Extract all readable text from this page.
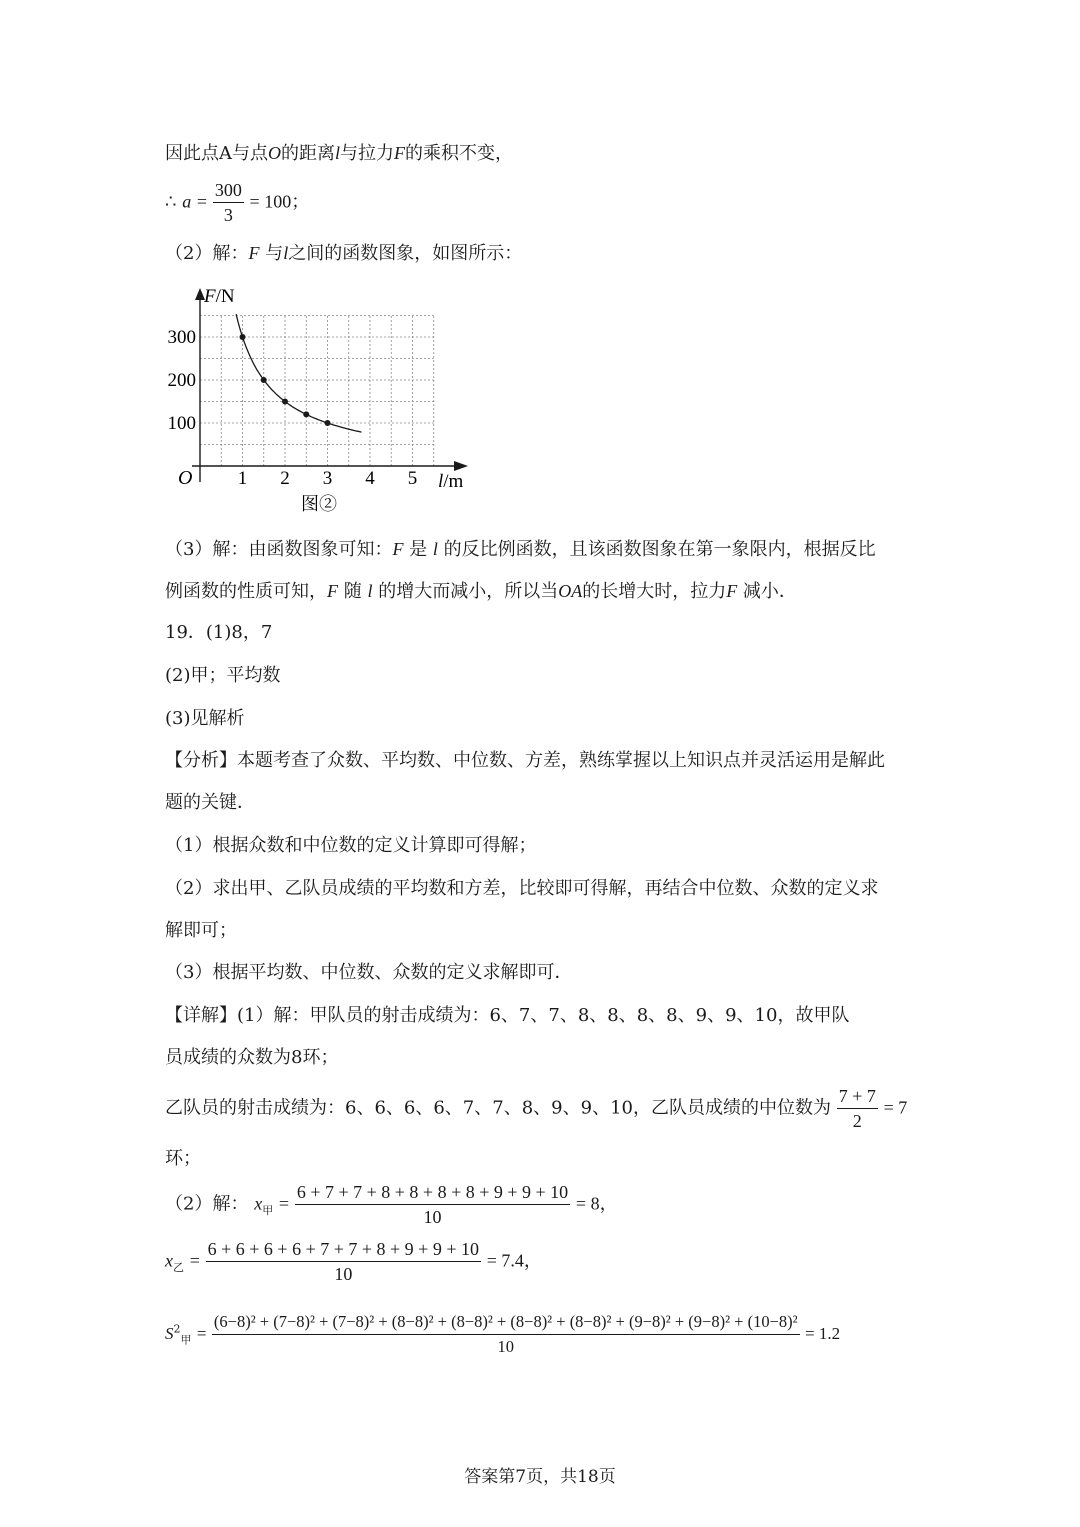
因此点A与点O的距离l与拉力F的乘积不变，
∴ $a = \frac{300}{3} = 100$；
（2）解：F 与l之间的函数图象，如图所示：
1 2 3 4 5
100
200
300
F/N
l/m
O
图②
（3）解：由函数图象可知：F 是 l 的反比例函数，且该函数图象在第一象限内，根据反比
例函数的性质可知，F 随 l 的增大而减小，所以当OA的长增大时，拉力F 减小．
19．(1)8，7
(2)甲；平均数
(3)见解析
【分析】本题考查了众数、平均数、中位数、方差，熟练掌握以上知识点并灵活运用是解此
题的关键．
（1）根据众数和中位数的定义计算即可得解；
（2）求出甲、乙队员成绩的平均数和方差，比较即可得解，再结合中位数、众数的定义求
解即可；
（3）根据平均数、中位数、众数的定义求解即可．
【详解】(1）解：甲队员的射击成绩为：6、7、7、8、8、8、8、9、9、10，故甲队
员成绩的众数为8环；
乙队员的射击成绩为：6、6、6、6、7、7、8、9、9、10，乙队员成绩的中位数为 $\frac{7 + 7}{2} = 7$
环；
（2）解： $x_甲 = \frac{6 + 7 + 7 + 8 + 8 + 8 + 8 + 9 + 9 + 10}{10} = 8$，
$x_乙 = \frac{6 + 6 + 6 + 6 + 7 + 7 + 8 + 9 + 9 + 10}{10} = 7.4$，
$S^2_甲$ =
(6−8)² + (7−8)² + (7−8)² + (8−8)² + (8−8)² + (8−8)² + (8−8)² + (9−8)² + (9−8)² + (10−8)²
10
= 1.2
答案第7页，共18页
